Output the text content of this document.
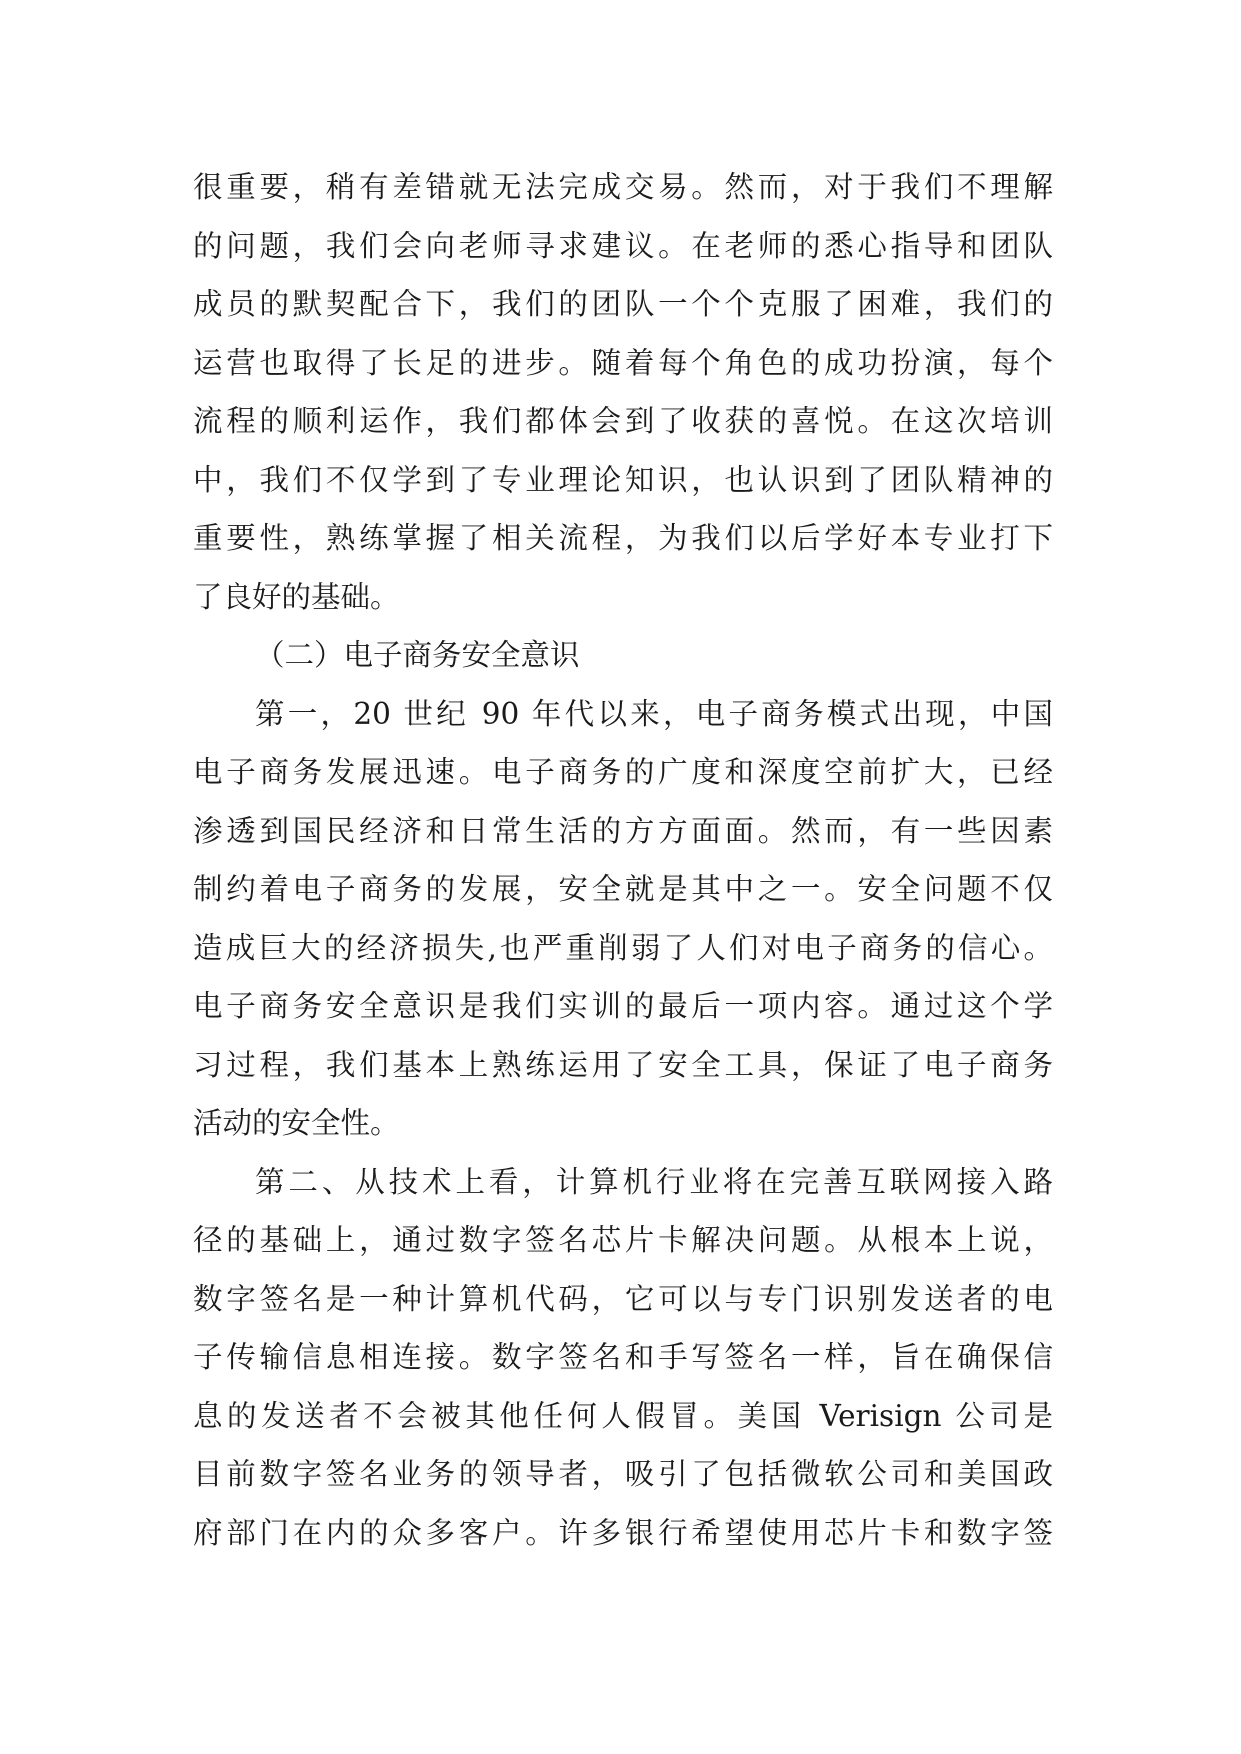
很重要，稍有差错就无法完成交易。然而，对于我们不理解
的问题，我们会向老师寻求建议。在老师的悉心指导和团队
成员的默契配合下，我们的团队一个个克服了困难，我们的
运营也取得了长足的进步。随着每个角色的成功扮演，每个
流程的顺利运作，我们都体会到了收获的喜悦。在这次培训
中，我们不仅学到了专业理论知识，也认识到了团队精神的
重要性，熟练掌握了相关流程，为我们以后学好本专业打下
了良好的基础。
（二）电子商务安全意识
第一，20 世纪 90 年代以来，电子商务模式出现，中国
电子商务发展迅速。电子商务的广度和深度空前扩大，已经
渗透到国民经济和日常生活的方方面面。然而，有一些因素
制约着电子商务的发展，安全就是其中之一。安全问题不仅
造成巨大的经济损失,也严重削弱了人们对电子商务的信心。
电子商务安全意识是我们实训的最后一项内容。通过这个学
习过程，我们基本上熟练运用了安全工具，保证了电子商务
活动的安全性。
第二、从技术上看，计算机行业将在完善互联网接入路
径的基础上，通过数字签名芯片卡解决问题。从根本上说，
数字签名是一种计算机代码，它可以与专门识别发送者的电
子传输信息相连接。数字签名和手写签名一样，旨在确保信
息的发送者不会被其他任何人假冒。美国 Verisign 公司是
目前数字签名业务的领导者，吸引了包括微软公司和美国政
府部门在内的众多客户。许多银行希望使用芯片卡和数字签
